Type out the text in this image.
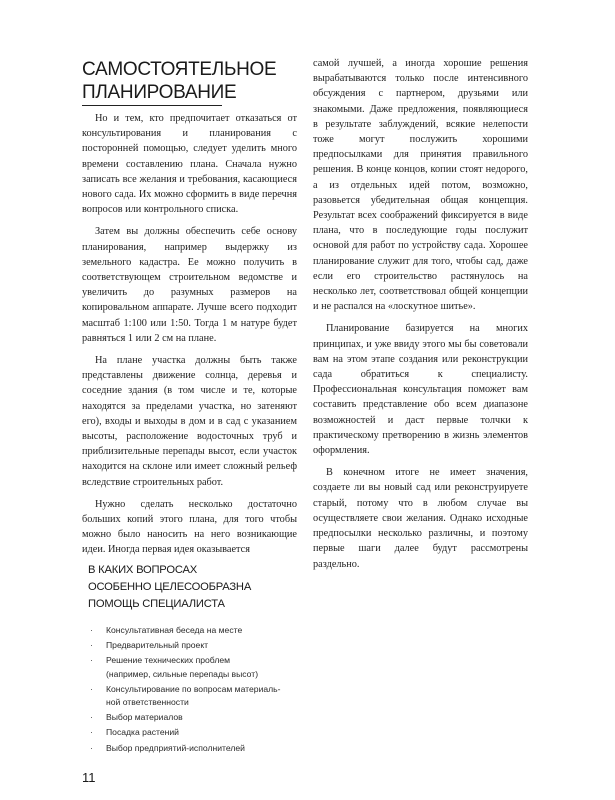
САМОСТОЯТЕЛЬНОЕ
ПЛАНИРОВАНИЕ

Но и тем, кто предпочитает отказаться от консультирования и планирования с посторонней помощью, следует уделить много времени составлению плана. Сначала нужно записать все желания и требования, касающиеся нового сада. Их можно сформить в виде перечня вопросов или контрольного списка.

Затем вы должны обеспечить себе основу планирования, например выдержку из земельного кадастра. Ее можно получить в соответствующем строительном ведомстве и увеличить до разумных размеров на копировальном аппарате. Лучше всего подходит масштаб 1:100 или 1:50. Тогда 1 м натуре будет равняться 1 или 2 см на плане.

На плане участка должны быть также представлены движение солнца, деревья и соседние здания (в том числе и те, которые находятся за пределами участка, но затеняют его), входы и выходы в дом и в сад с указанием высоты, расположение водосточных труб и приблизительные перепады высот, если участок находится на склоне или имеет сложный рельеф вследствие строительных работ.

Нужно сделать несколько достаточно больших копий этого плана, для того чтобы можно было наносить на него возникающие идеи. Иногда первая идея оказывается

самой лучшей, а иногда хорошие решения вырабатываются только после интенсивного обсуждения с партнером, друзьями или знакомыми. Даже предложения, появляющиеся в результате заблуждений, всякие нелепости тоже могут послужить хорошими предпосылками для принятия правильного решения. В конце концов, копии стоят недорого, а из отдельных идей потом, возможно, разовьется убедительная общая концепция. Результат всех соображений фиксируется в виде плана, что в последующие годы послужит основой для работ по устройству сада. Хорошее планирование служит для того, чтобы сад, даже если его строительство растянулось на несколько лет, соответствовал общей концепции и не распался на «лоскутное шитье».

Планирование базируется на многих принципах, и уже ввиду этого мы бы советовали вам на этом этапе создания или реконструкции сада обратиться к специалисту. Профессиональная консультация поможет вам составить представление обо всем диапазоне возможностей и даст первые толчки к практическому претворению в жизнь элементов оформления.

В конечном итоге не имеет значения, создаете ли вы новый сад или реконструируете старый, потому что в любом случае вы осуществляете свои желания. Однако исходные предпосылки несколько различны, и поэтому первые шаги далее будут рассмотрены раздельно.

В КАКИХ ВОПРОСАХ
ОСОБЕННО ЦЕЛЕСООБРАЗНА
ПОМОЩЬ СПЕЦИАЛИСТА
· Консультативная беседа на месте
· Предварительный проект
· Решение технических проблем
(например, сильные перепады высот)
· Консультирование по вопросам материаль-
ной ответственности
· Выбор материалов
· Посадка растений
· Выбор предприятий-исполнителей
11
